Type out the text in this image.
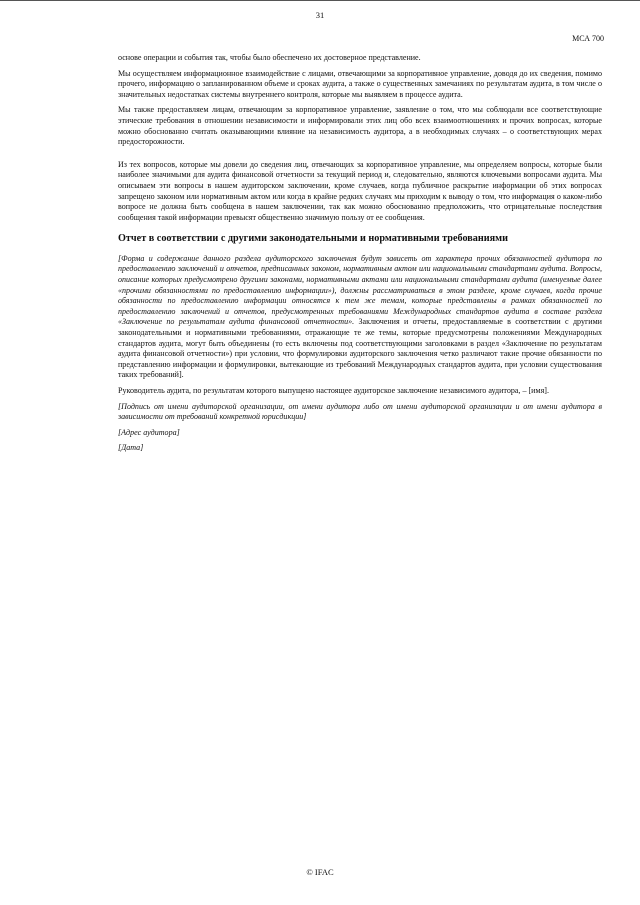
31
МСА 700

основе операции и события так, чтобы было обеспечено их достоверное представление.

Мы осуществляем информационное взаимодействие с лицами, отвечающими за корпоративное управление, доводя до их сведения, помимо прочего, информацию о запланированном объеме и сроках аудита, а также о существенных замечаниях по результатам аудита, в том числе о значительных недостатках системы внутреннего контроля, которые мы выявляем в процессе аудита.

Мы также предоставляем лицам, отвечающим за корпоративное управление, заявление о том, что мы соблюдали все соответствующие этические требования в отношении независимости и информировали этих лиц обо всех взаимоотношениях и прочих вопросах, которые можно обоснованно считать оказывающими влияние на независимость аудитора, а в необходимых случаях – о соответствующих мерах предосторожности.

Из тех вопросов, которые мы довели до сведения лиц, отвечающих за корпоративное управление, мы определяем вопросы, которые были наиболее значимыми для аудита финансовой отчетности за текущий период и, следовательно, являются ключевыми вопросами аудита. Мы описываем эти вопросы в нашем аудиторском заключении, кроме случаев, когда публичное раскрытие информации об этих вопросах запрещено законом или нормативным актом или когда в крайне редких случаях мы приходим к выводу о том, что информация о каком-либо вопросе не должна быть сообщена в нашем заключении, так как можно обоснованно предположить, что отрицательные последствия сообщения такой информации превысят общественно значимую пользу от ее сообщения.

Отчет в соответствии с другими законодательными и нормативными требованиями

[Форма и содержание данного раздела аудиторского заключения будут зависеть от характера прочих обязанностей аудитора по предоставлению заключений и отчетов, предписанных законом, нормативным актом или национальными стандартами аудита. Вопросы, описание которых предусмотрено другими законами, нормативными актами или национальными стандартами аудита (именуемые далее «прочими обязанностями по предоставлению информации»), должны рассматриваться в этом разделе, кроме случаев, когда прочие обязанности по предоставлению информации относятся к тем же темам, которые представлены в рамках обязанностей по предоставлению заключений и отчетов, предусмотренных требованиями Международных стандартов аудита в составе раздела «Заключение по результатам аудита финансовой отчетности». Заключения и отчеты, предоставляемые в соответствии с другими законодательными и нормативными требованиями, отражающие те же темы, которые предусмотрены положениями Международных стандартов аудита, могут быть объединены (то есть включены под соответствующими заголовками в раздел «Заключение по результатам аудита финансовой отчетности») при условии, что формулировки аудиторского заключения четко различают такие прочие обязанности по представлению информации и формулировки, вытекающие из требований Международных стандартов аудита, при условии существования таких требований].

Руководитель аудита, по результатам которого выпущено настоящее аудиторское заключение независимого аудитора, – [имя].

[Подпись от имени аудиторской организации, от имени аудитора либо от имени аудиторской организации и от имени аудитора в зависимости от требований конкретной юрисдикции]

[Адрес аудитора]

[Дата]

© IFAC
